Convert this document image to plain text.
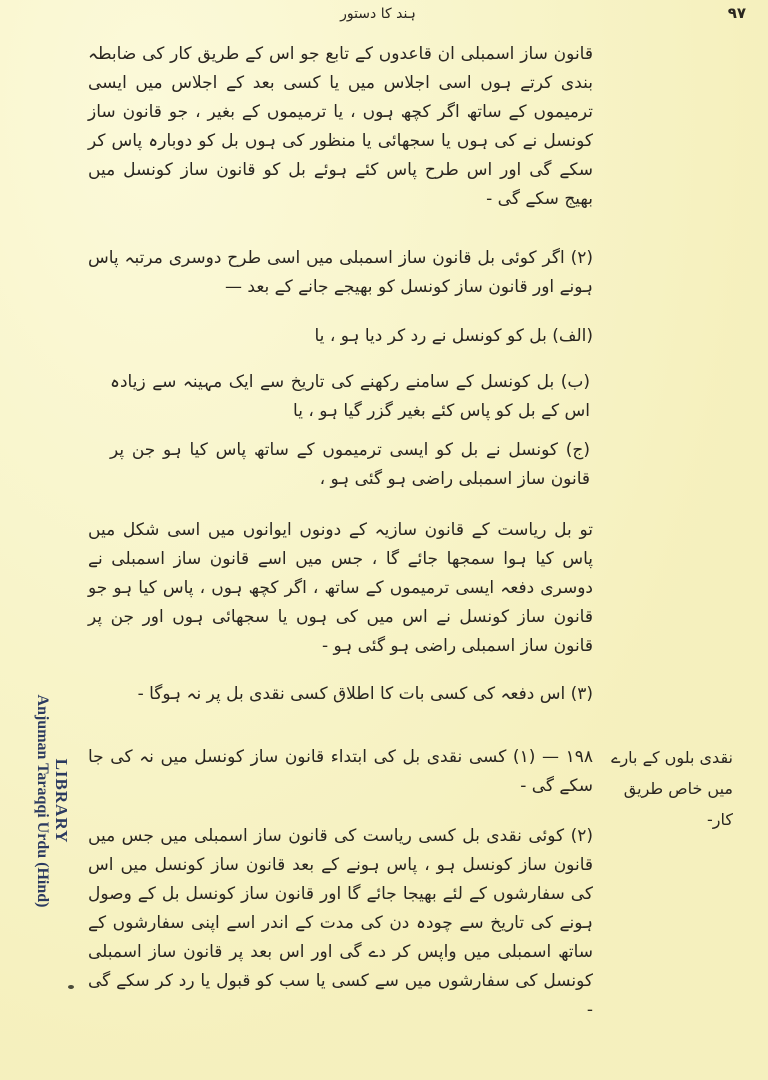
ہند کا دستور	۹۷

قانون ساز اسمبلی ان قاعدوں کے تابع جو اس کے طریق کار کی ضابطہ بندی کرتے ہوں اسی اجلاس میں یا کسی بعد کے اجلاس میں ایسی ترمیموں کے ساتھ اگر کچھ ہوں ، یا ترمیموں کے بغیر ، جو قانون ساز کونسل نے کی ہوں یا سجھائی یا منظور کی ہوں بل کو دوبارہ پاس کر سکے گی اور اس طرح پاس کئے ہوئے بل کو قانون ساز کونسل میں بھیج سکے گی -

(۲) اگر کوئی بل قانون ساز اسمبلی میں اسی طرح دوسری مرتبہ پاس ہونے اور قانون ساز کونسل کو بھیجے جانے کے بعد —

(الف) بل کو کونسل نے رد کر دیا ہو ، یا

(ب) بل کونسل کے سامنے رکھنے کی تاریخ سے ایک مہینہ سے زیادہ اس کے بل کو پاس کئے بغیر گزر گیا ہو ، یا

(ج) کونسل نے بل کو ایسی ترمیموں کے ساتھ پاس کیا ہو جن پر قانون ساز اسمبلی راضی ہو گئی ہو ،

تو بل ریاست کے قانون سازیہ کے دونوں ایوانوں میں اسی شکل میں پاس کیا ہوا سمجھا جائے گا ، جس میں اسے قانون ساز اسمبلی نے دوسری دفعہ ایسی ترمیموں کے ساتھ ، اگر کچھ ہوں ، پاس کیا ہو جو قانون ساز کونسل نے اس میں کی ہوں یا سجھائی ہوں اور جن پر قانون ساز اسمبلی راضی ہو گئی ہو -

(۳) اس دفعہ کی کسی بات کا اطلاق کسی نقدی بل پر نہ ہوگا -

۱۹۸ — (۱) کسی نقدی بل کی ابتداء قانون ساز کونسل میں نہ کی جا سکے گی -

(۲) کوئی نقدی بل کسی ریاست کی قانون ساز اسمبلی میں جس میں قانون ساز کونسل ہو ، پاس ہونے کے بعد قانون ساز کونسل میں اس کی سفارشوں کے لئے بھیجا جائے گا اور قانون ساز کونسل بل کے وصول ہونے کی تاریخ سے چودہ دن کی مدت کے اندر اسے اپنی سفارشوں کے ساتھ اسمبلی میں واپس کر دے گی اور اس بعد پر قانون ساز اسمبلی کونسل کی سفارشوں میں سے کسی یا سب کو قبول یا رد کر سکے گی -

نقدی بلوں کے بارے میں خاص طریق کار-
LIBRARY
Anjuman Taraqqi Urdu (Hind)
